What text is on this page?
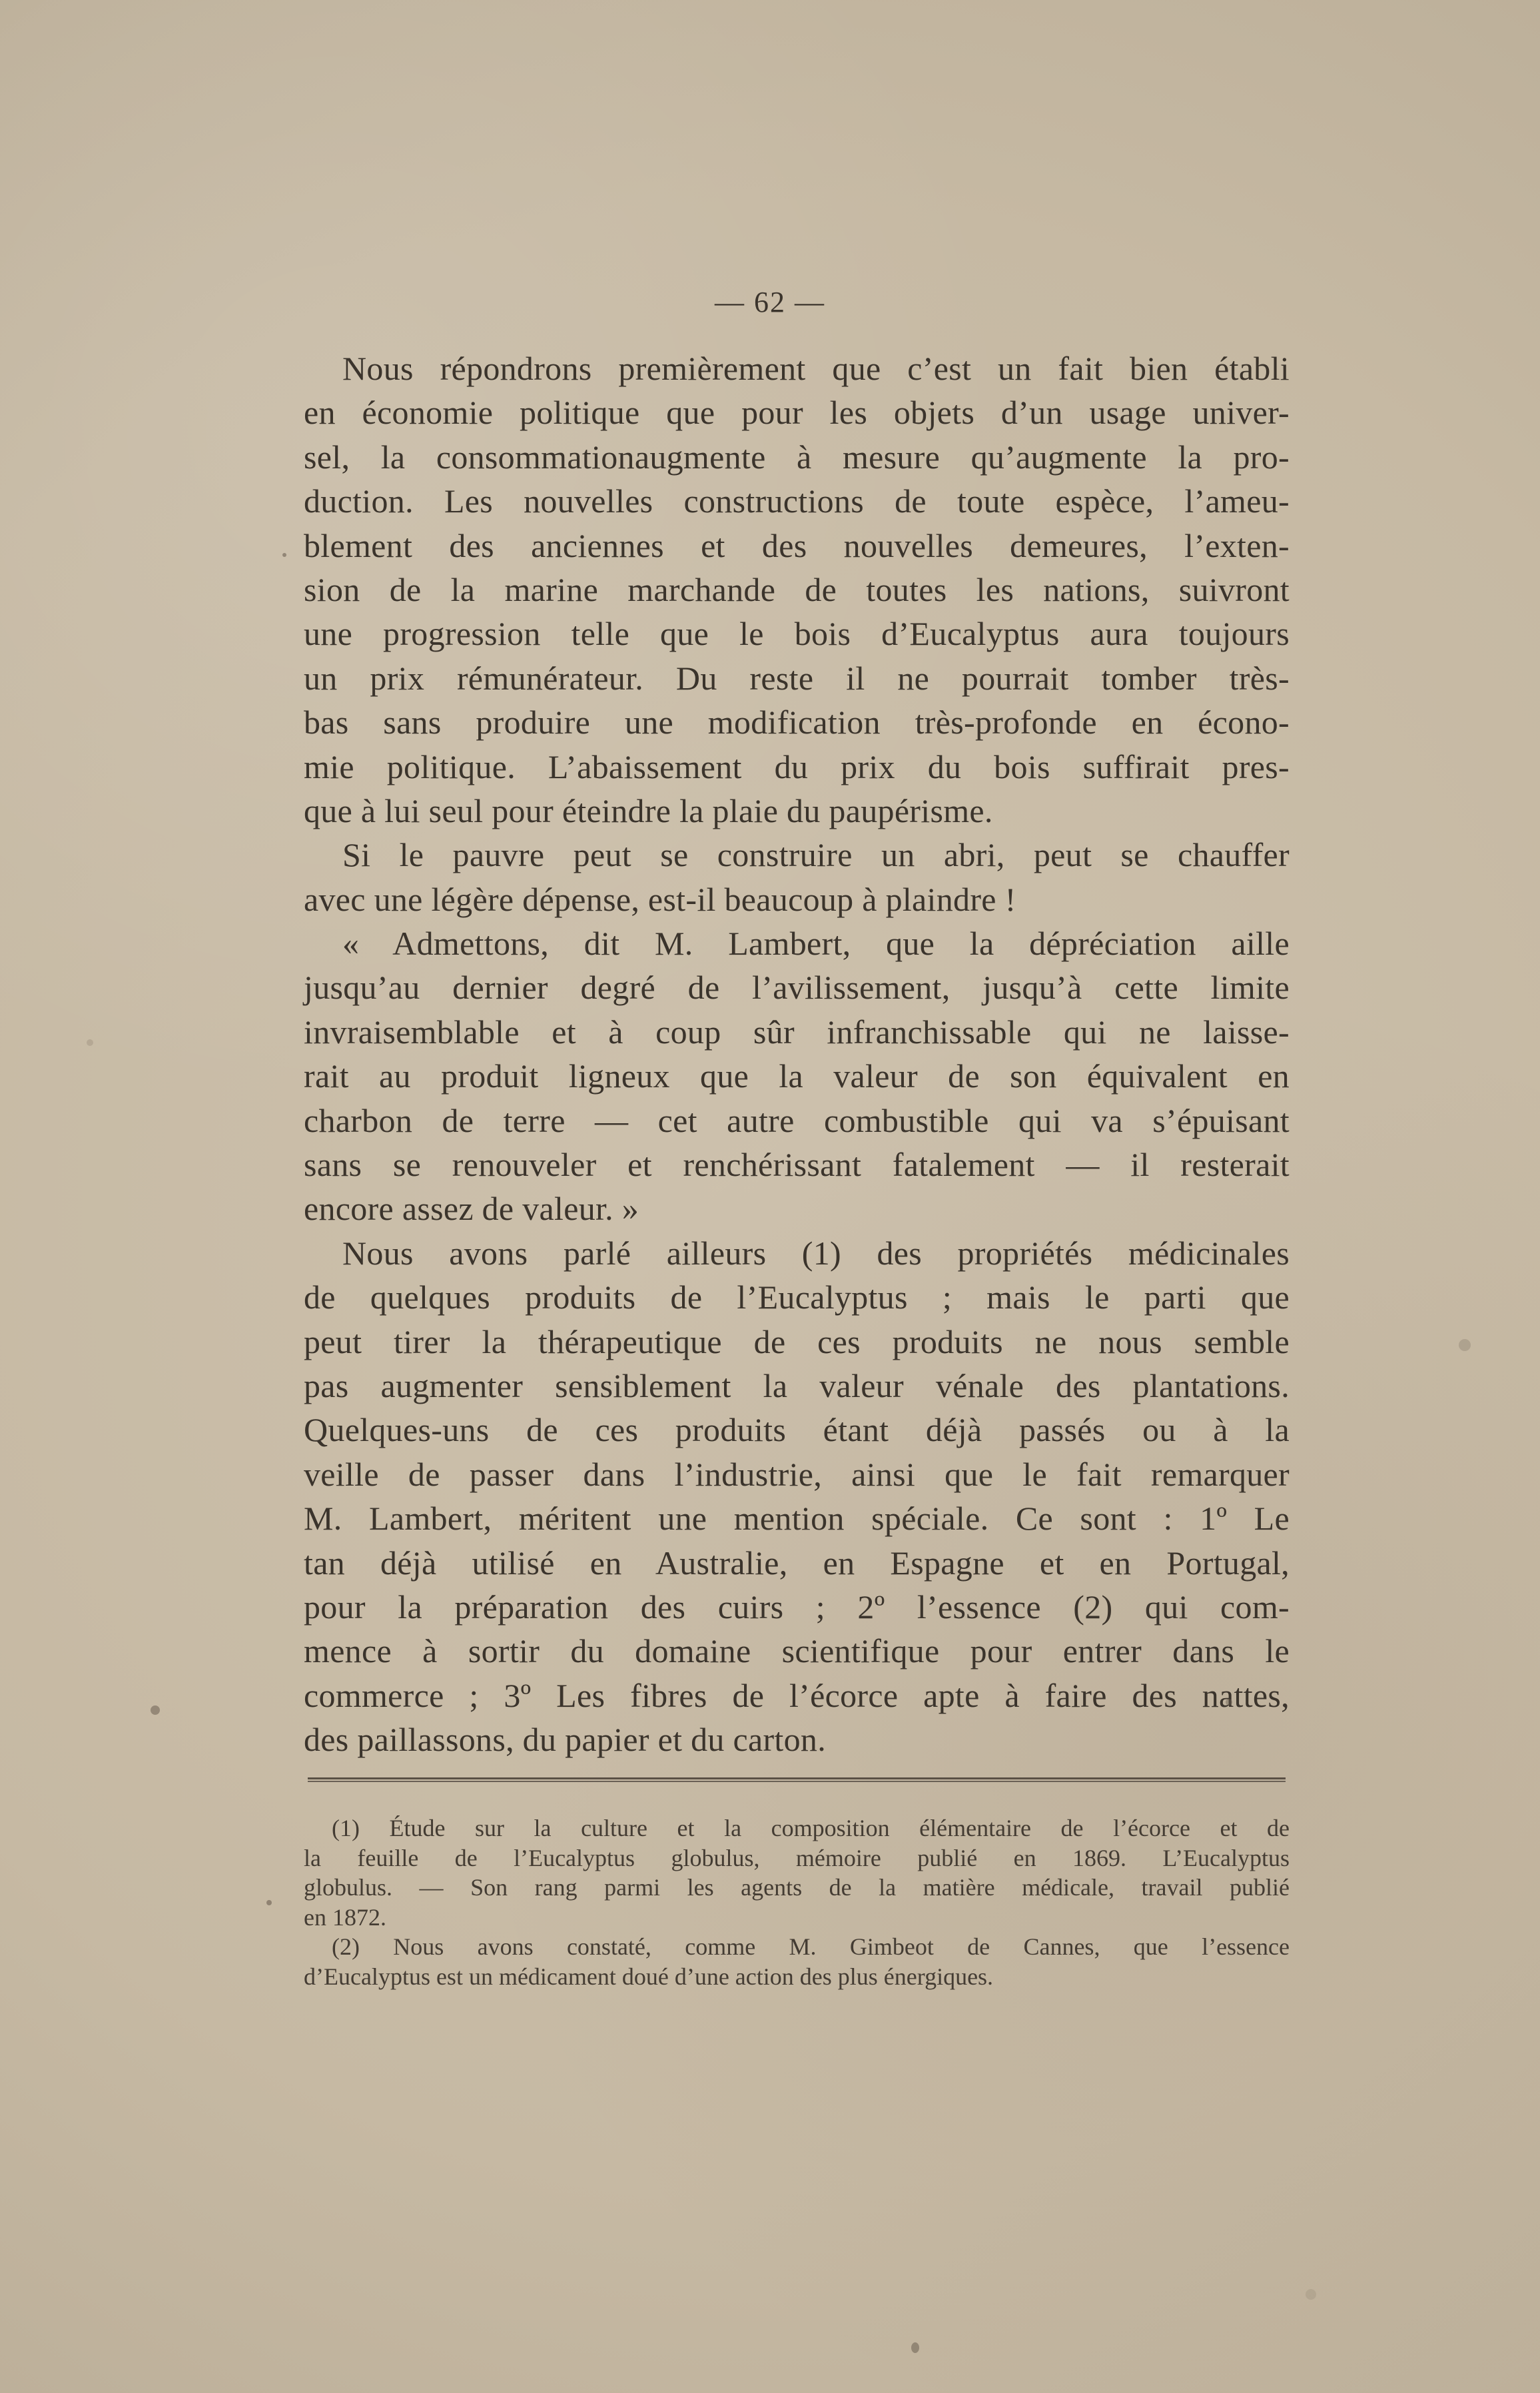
— 62 —
Nous répondrons premièrement que c’est un fait bien établi
en économie politique que pour les objets d’un usage univer-
sel, la consommationaugmente à mesure qu’augmente la pro-
duction. Les nouvelles constructions de toute espèce, l’ameu-
blement des anciennes et des nouvelles demeures, l’exten-
sion de la marine marchande de toutes les nations, suivront
une progression telle que le bois d’Eucalyptus aura toujours
un prix rémunérateur. Du reste il ne pourrait tomber très-
bas sans produire une modification très-profonde en écono-
mie politique. L’abaissement du prix du bois suffirait pres-
que à lui seul pour éteindre la plaie du paupérisme.
Si le pauvre peut se construire un abri, peut se chauffer
avec une légère dépense, est-il beaucoup à plaindre !
« Admettons, dit M. Lambert, que la dépréciation aille
jusqu’au dernier degré de l’avilissement, jusqu’à cette limite
invraisemblable et à coup sûr infranchissable qui ne laisse-
rait au produit ligneux que la valeur de son équivalent en
charbon de terre — cet autre combustible qui va s’épuisant
sans se renouveler et renchérissant fatalement — il resterait
encore assez de valeur. »
Nous avons parlé ailleurs (1) des propriétés médicinales
de quelques produits de l’Eucalyptus ; mais le parti que
peut tirer la thérapeutique de ces produits ne nous semble
pas augmenter sensiblement la valeur vénale des plantations.
Quelques-uns de ces produits étant déjà passés ou à la
veille de passer dans l’industrie, ainsi que le fait remarquer
M. Lambert, méritent une mention spéciale. Ce sont : 1º Le
tan déjà utilisé en Australie, en Espagne et en Portugal,
pour la préparation des cuirs ; 2º l’essence (2) qui com-
mence à sortir du domaine scientifique pour entrer dans le
commerce ; 3º Les fibres de l’écorce apte à faire des nattes,
des paillassons, du papier et du carton.
(1) Étude sur la culture et la composition élémentaire de l’écorce et de
la feuille de l’Eucalyptus globulus, mémoire publié en 1869. L’Eucalyptus
globulus. — Son rang parmi les agents de la matière médicale, travail publié
en 1872.
(2) Nous avons constaté, comme M. Gimbeot de Cannes, que l’essence
d’Eucalyptus est un médicament doué d’une action des plus énergiques.
